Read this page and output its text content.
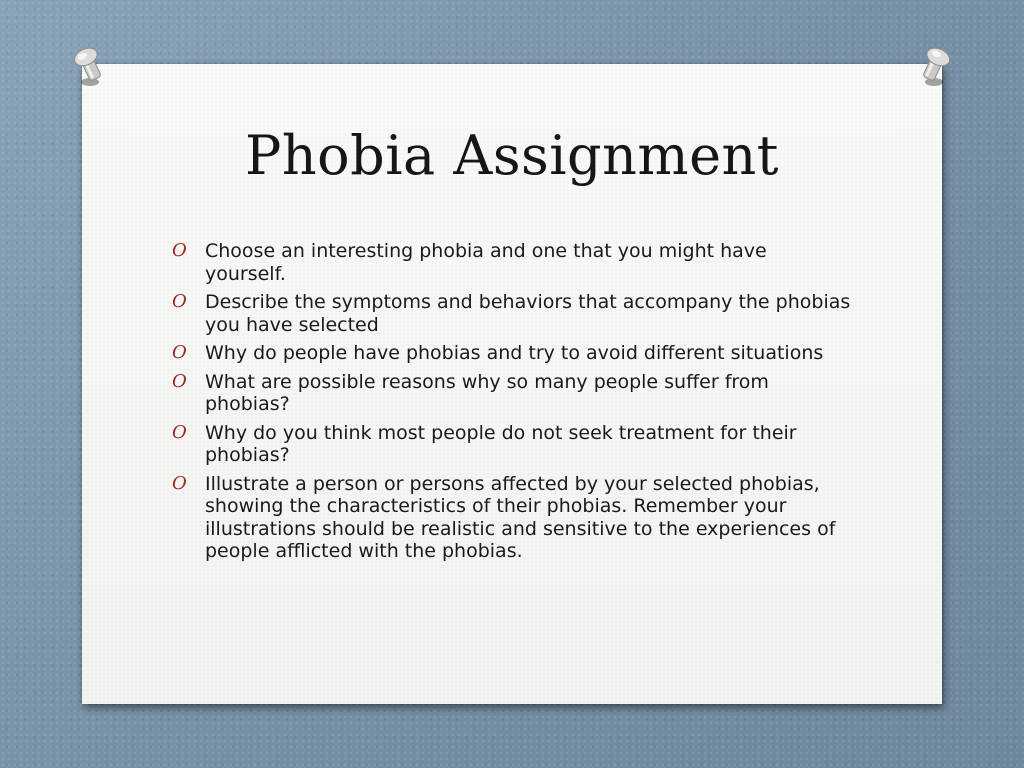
Phobia Assignment
O Choose an interesting phobia and one that you might have yourself.
O Describe the symptoms and behaviors that accompany the phobias you have selected
O Why do people have phobias and try to avoid different situations
O What are possible reasons why so many people suffer from phobias?
O Why do you think most people do not seek treatment for their phobias?
O Illustrate a person or persons affected by your selected phobias, showing the characteristics of their phobias. Remember your illustrations should be realistic and sensitive to the experiences of people afflicted with the phobias.
